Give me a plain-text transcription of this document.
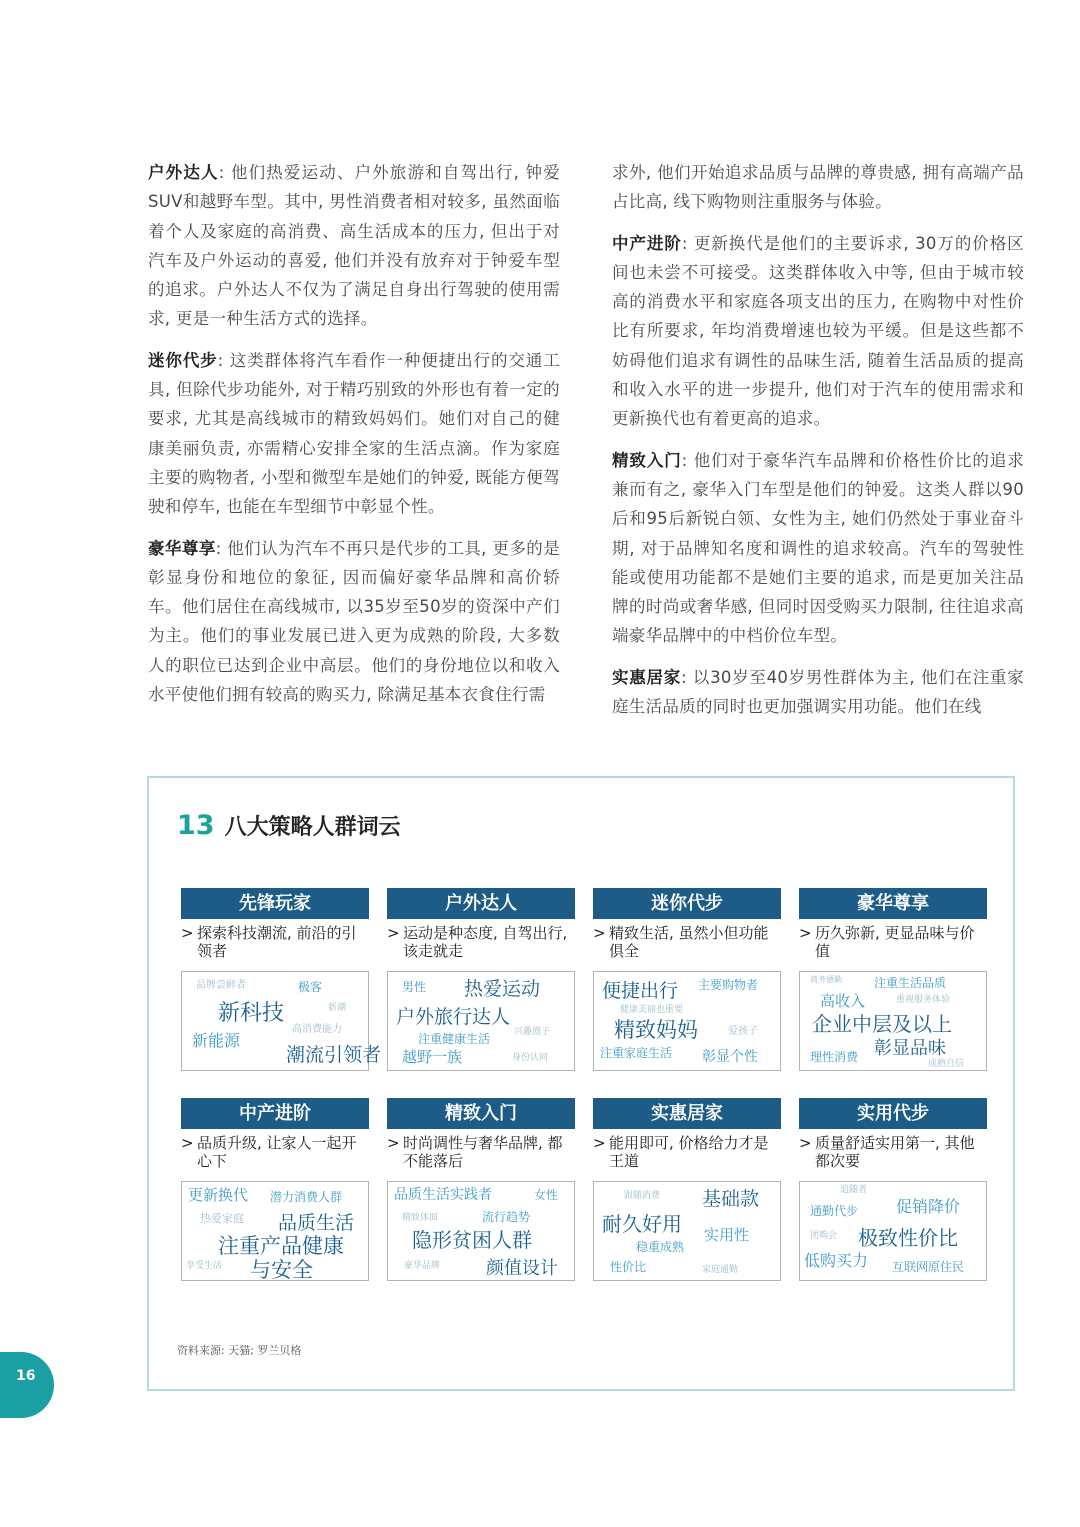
户外达人: 他们热爱运动、户外旅游和自驾出行, 钟爱SUV和越野车型。其中, 男性消费者相对较多, 虽然面临着个人及家庭的高消费、高生活成本的压力, 但出于对汽车及户外运动的喜爱, 他们并没有放弃对于钟爱车型的追求。户外达人不仅为了满足自身出行驾驶的使用需求, 更是一种生活方式的选择。

迷你代步: 这类群体将汽车看作一种便捷出行的交通工具, 但除代步功能外, 对于精巧别致的外形也有着一定的要求, 尤其是高线城市的精致妈妈们。她们对自己的健康美丽负责, 亦需精心安排全家的生活点滴。作为家庭主要的购物者, 小型和微型车是她们的钟爱, 既能方便驾驶和停车, 也能在车型细节中彰显个性。

豪华尊享: 他们认为汽车不再只是代步的工具, 更多的是彰显身份和地位的象征, 因而偏好豪华品牌和高价轿车。他们居住在高线城市, 以35岁至50岁的资深中产们为主。他们的事业发展已进入更为成熟的阶段, 大多数人的职位已达到企业中高层。他们的身份地位以和收入水平使他们拥有较高的购买力, 除满足基本衣食住行需

求外, 他们开始追求品质与品牌的尊贵感, 拥有高端产品占比高, 线下购物则注重服务与体验。

中产进阶: 更新换代是他们的主要诉求, 30万的价格区间也未尝不可接受。这类群体收入中等, 但由于城市较高的消费水平和家庭各项支出的压力, 在购物中对性价比有所要求, 年均消费增速也较为平缓。但是这些都不妨碍他们追求有调性的品味生活, 随着生活品质的提高和收入水平的进一步提升, 他们对于汽车的使用需求和更新换代也有着更高的追求。

精致入门: 他们对于豪华汽车品牌和价格性价比的追求兼而有之, 豪华入门车型是他们的钟爱。这类人群以90后和95后新锐白领、女性为主, 她们仍然处于事业奋斗期, 对于品牌知名度和调性的追求较高。汽车的驾驶性能或使用功能都不是她们主要的追求, 而是更加关注品牌的时尚或奢华感, 但同时因受购买力限制, 往往追求高端豪华品牌中的中档价位车型。

实惠居家: 以30岁至40岁男性群体为主, 他们在注重家庭生活品质的同时也更加强调实用功能。他们在线

13 八大策略人群词云
先锋玩家
> 探索科技潮流, 前沿的引领者
品牌尝鲜者	极客
新科技	新潮
高消费能力
新能源
潮流引领者
户外达人
> 运动是种态度, 自驾出行, 该走就走
男性 热爱运动
户外旅行达人
注重健康生活	兴趣圈子
越野一族	身份认同
迷你代步
> 精致生活, 虽然小但功能俱全
便捷出行 主要购物者
健康美丽也重要
精致妈妈	爱孩子
注重家庭生活 彰显个性
豪华尊享
> 历久弥新, 更显品味与价值
商务通勤	注重生活品质
高收入	重视服务体验
企业中层及以上
彰显品味
理性消费	成熟自信
中产进阶
> 品质升级, 让家人一起开心下
更新换代 潜力消费人群
热爱家庭 品质生活
注重产品健康
享受生活 与安全
精致入门
> 时尚调性与奢华品牌, 都不能落后
品质生活实践者	女性
精致体面	流行趋势
隐形贫困人群
豪华品牌	颜值设计
实惠居家
> 能用即可, 价格给力才是王道
跟随消费 基础款
耐久好用 实用性
稳重成熟
性价比	家庭通勤
实用代步
> 质量舒适实用第一, 其他都次要
追随者
通勤代步 促销降价
团购会 极致性价比
低购买力 互联网原住民
资料来源: 天猫; 罗兰贝格
16
